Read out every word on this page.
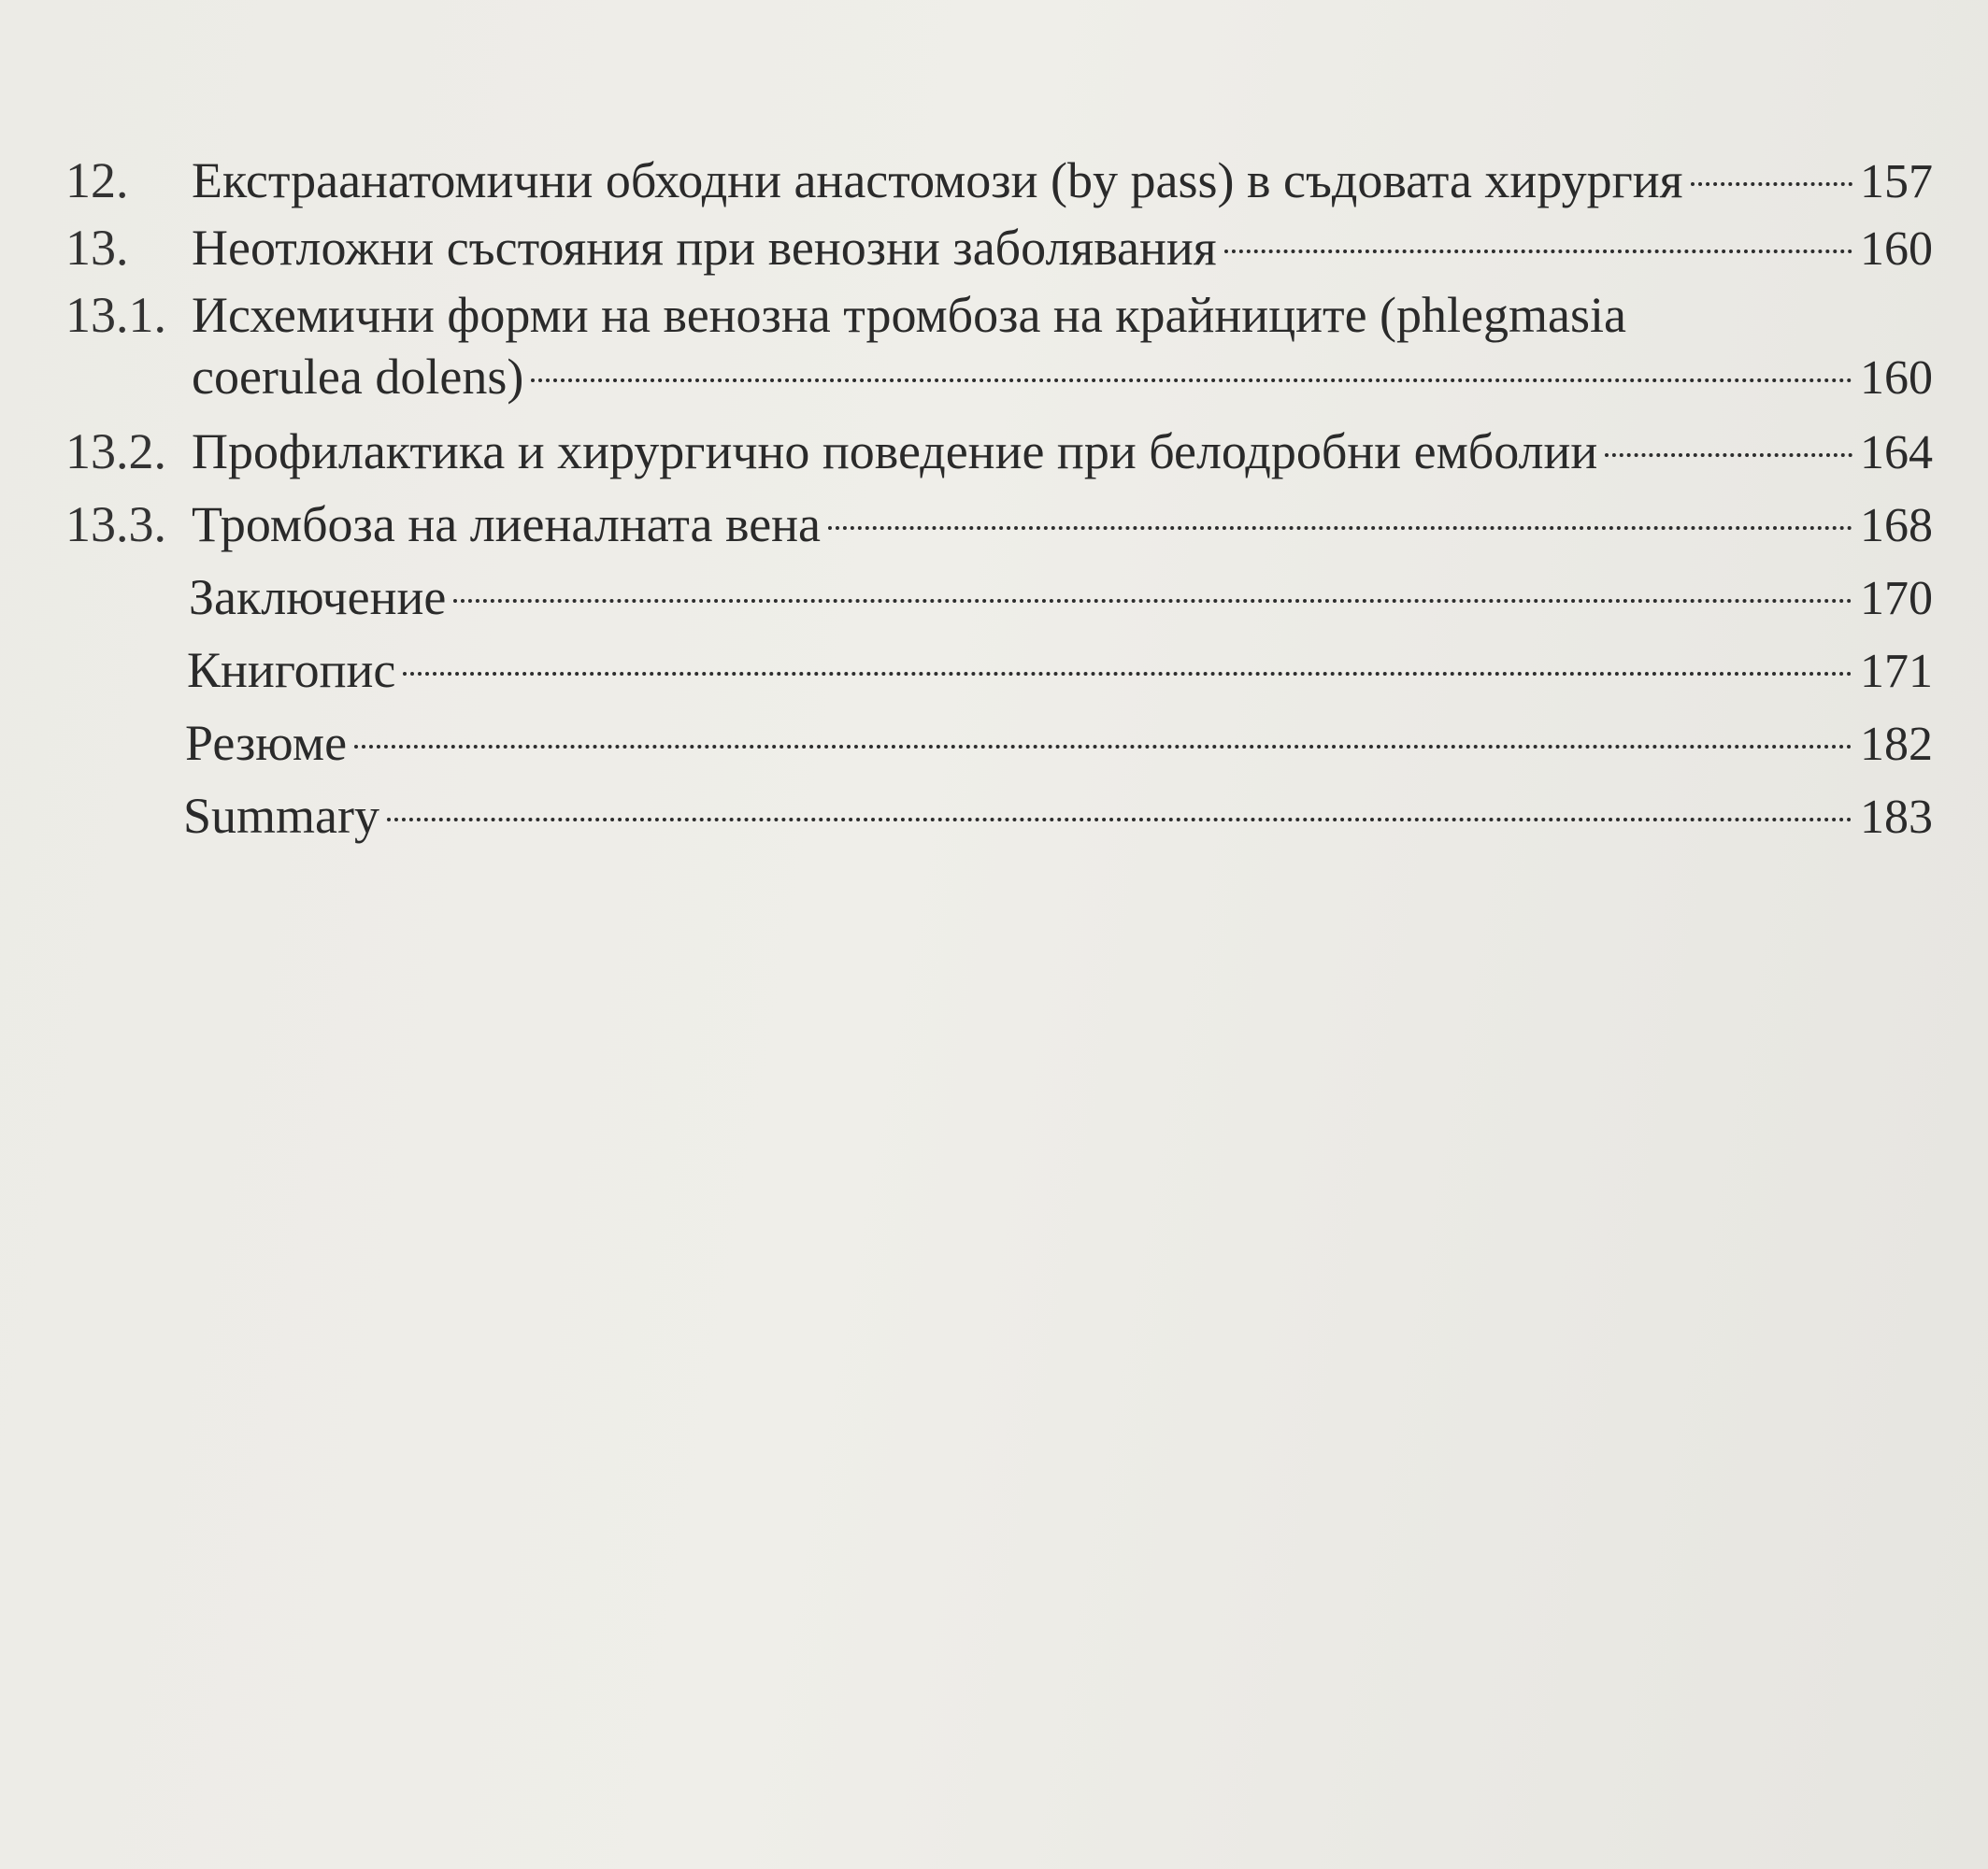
12.	Екстраанатомични обходни анастомози (by pass) в съдовата хирургия	157
13.	Неотложни състояния при венозни заболявания	160
13.1. Исхемични форми на венозна тромбоза на крайниците (phlegmasia
coerulea dolens)	160
13.2. Профилактика и хирургично поведение при белодробни емболии	164
13.3. Тромбоза на лиеналната вена	168
Заключение	170
Книгопис	171
Резюме	182
Summary	183
